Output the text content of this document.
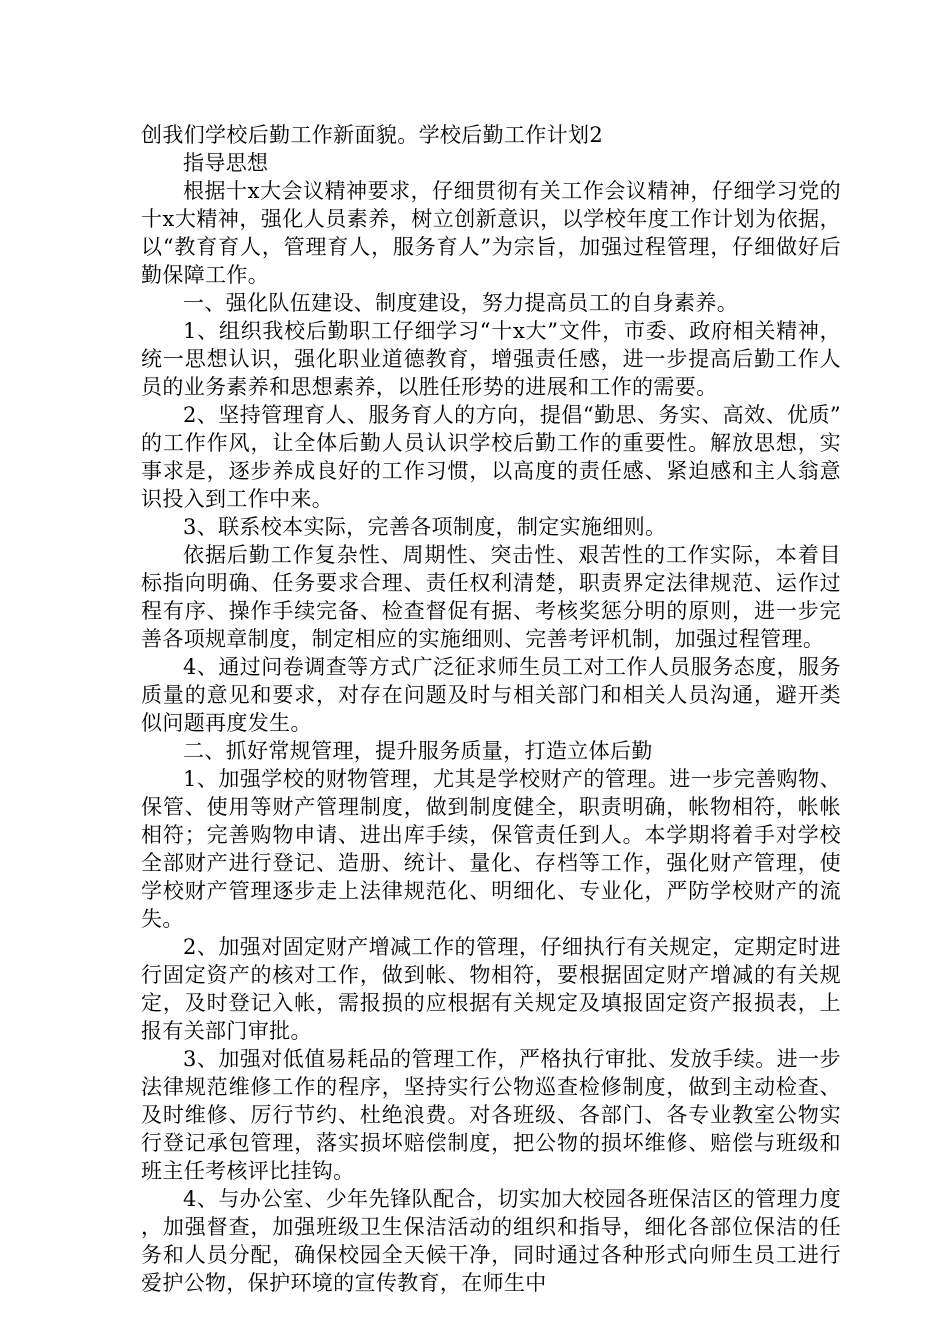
创我们学校后勤工作新面貌。学校后勤工作计划2

指导思想

根据十x大会议精神要求，仔细贯彻有关工作会议精神，仔细学习党的十x大精神，强化人员素养，树立创新意识，以学校年度工作计划为依据，以“教育育人，管理育人，服务育人”为宗旨，加强过程管理，仔细做好后勤保障工作。

一、强化队伍建设、制度建设，努力提高员工的自身素养。

1、组织我校后勤职工仔细学习“十x大”文件，市委、政府相关精神，统一思想认识，强化职业道德教育，增强责任感，进一步提高后勤工作人员的业务素养和思想素养，以胜任形势的进展和工作的需要。

2、坚持管理育人、服务育人的方向，提倡“勤思、务实、高效、优质”的工作作风，让全体后勤人员认识学校后勤工作的重要性。解放思想，实事求是，逐步养成良好的工作习惯，以高度的责任感、紧迫感和主人翁意识投入到工作中来。

3、联系校本实际，完善各项制度，制定实施细则。

依据后勤工作复杂性、周期性、突击性、艰苦性的工作实际，本着目标指向明确、任务要求合理、责任权利清楚，职责界定法律规范、运作过程有序、操作手续完备、检查督促有据、考核奖惩分明的原则，进一步完善各项规章制度，制定相应的实施细则、完善考评机制，加强过程管理。

4、通过问卷调查等方式广泛征求师生员工对工作人员服务态度，服务质量的意见和要求，对存在问题及时与相关部门和相关人员沟通，避开类似问题再度发生。

二、抓好常规管理，提升服务质量，打造立体后勤

1、加强学校的财物管理，尤其是学校财产的管理。进一步完善购物、保管、使用等财产管理制度，做到制度健全，职责明确，帐物相符，帐帐相符；完善购物申请、进出库手续，保管责任到人。本学期将着手对学校全部财产进行登记、造册、统计、量化、存档等工作，强化财产管理，使学校财产管理逐步走上法律规范化、明细化、专业化，严防学校财产的流失。

2、加强对固定财产增减工作的管理，仔细执行有关规定，定期定时进行固定资产的核对工作，做到帐、物相符，要根据固定财产增减的有关规定，及时登记入帐，需报损的应根据有关规定及填报固定资产报损表，上报有关部门审批。

3、加强对低值易耗品的管理工作，严格执行审批、发放手续。进一步法律规范维修工作的程序，坚持实行公物巡查检修制度，做到主动检查、及时维修、厉行节约、杜绝浪费。对各班级、各部门、各专业教室公物实行登记承包管理，落实损坏赔偿制度，把公物的损坏维修、赔偿与班级和班主任考核评比挂钩。

4、与办公室、少年先锋队配合，切实加大校园各班保洁区的管理力度，加强督查，加强班级卫生保洁活动的组织和指导，细化各部位保洁的任务和人员分配，确保校园全天候干净，同时通过各种形式向师生员工进行爱护公物，保护环境的宣传教育，在师生中
